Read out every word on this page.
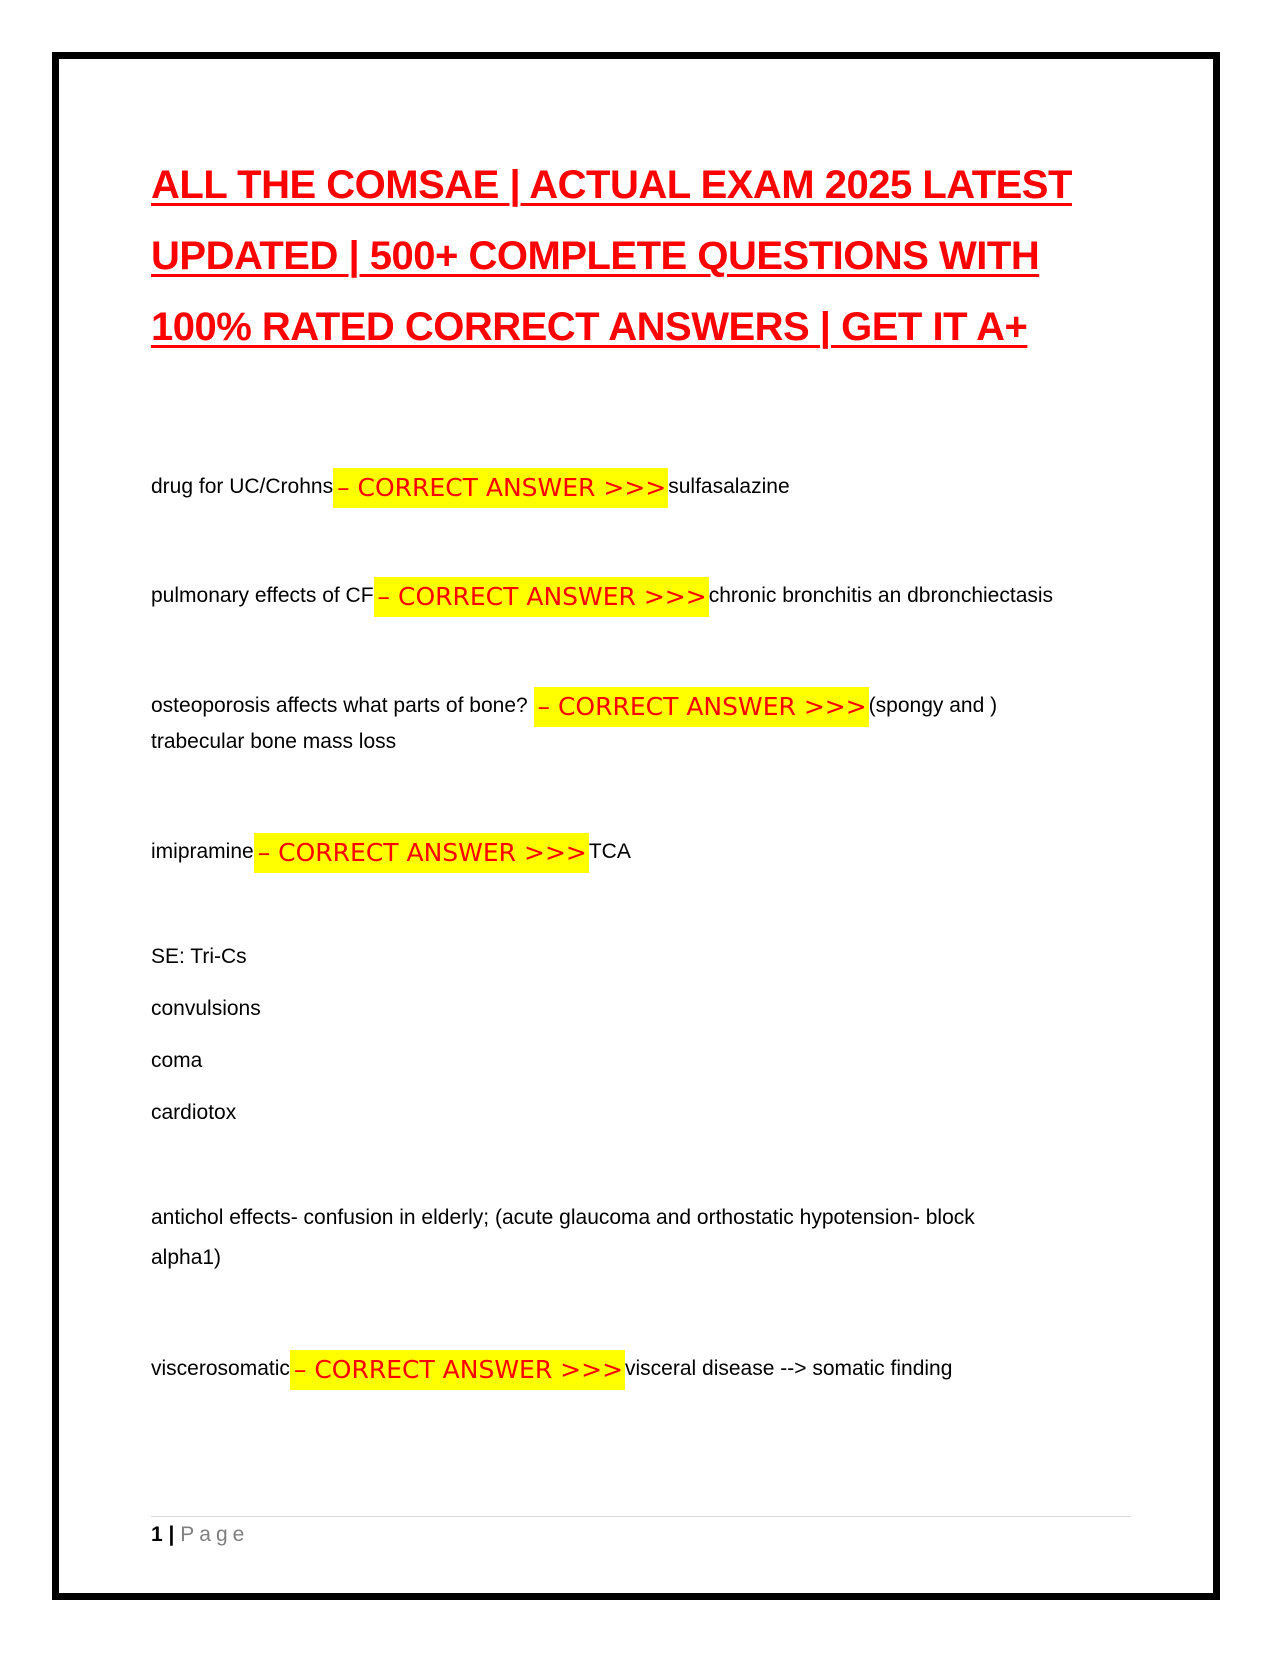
ALL THE COMSAE | ACTUAL EXAM 2025 LATEST
UPDATED | 500+ COMPLETE QUESTIONS WITH
100% RATED CORRECT ANSWERS | GET IT A+
drug for UC/Crohns – CORRECT ANSWER >>>sulfasalazine
pulmonary effects of CF – CORRECT ANSWER >>>chronic bronchitis an dbronchiectasis
osteoporosis affects what parts of bone? – CORRECT ANSWER >>>(spongy and )
trabecular bone mass loss
imipramine – CORRECT ANSWER >>>TCA
SE: Tri-Cs
convulsions
coma
cardiotox
antichol effects- confusion in elderly; (acute glaucoma and orthostatic hypotension- block
alpha1)
viscerosomatic – CORRECT ANSWER >>>visceral disease --> somatic finding
1 | Page
